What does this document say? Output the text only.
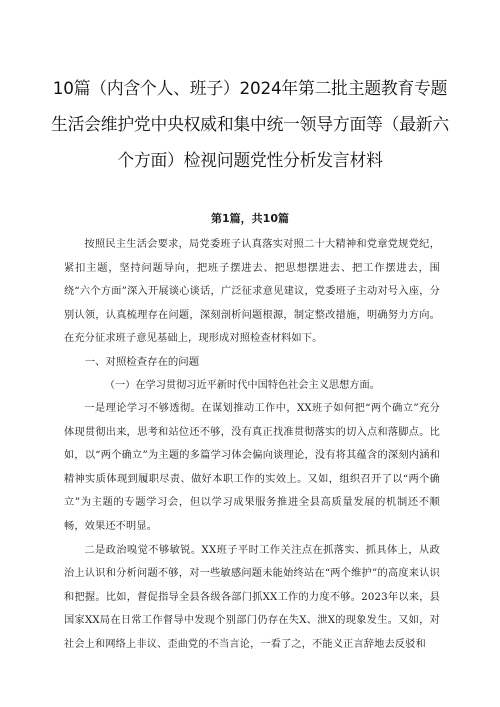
10篇（内含个人、班子）2024年第二批主题教育专题
生活会维护党中央权威和集中统一领导方面等（最新六
个方面）检视问题党性分析发言材料
第1篇，共10篇

按照民主生活会要求，局党委班子认真落实对照二十大精神和党章党规党纪，紧扣主题，坚持问题导向，把班子摆进去、把思想摆进去、把工作摆进去，围绕“六个方面”深入开展谈心谈话，广泛征求意见建议，党委班子主动对号入座，分别认领，认真梳理存在问题，深刻剖析问题根源，制定整改措施，明确努力方向。在充分征求班子意见基础上，现形成对照检查材料如下。

一、对照检查存在的问题

（一）在学习贯彻习近平新时代中国特色社会主义思想方面。

一是理论学习不够透彻。在谋划推动工作中，XX班子如何把“两个确立”充分体现贯彻出来，思考和站位还不够，没有真正找准贯彻落实的切入点和落脚点。比如，以“两个确立”为主题的多篇学习体会偏向谈理论，没有将其蕴含的深刻内涵和精神实质体现到履职尽责、做好本职工作的实效上。又如，组织召开了以“两个确立”为主题的专题学习会，但以学习成果服务推进全县高质量发展的机制还不顺畅，效果还不明显。

二是政治嗅觉不够敏锐。XX班子平时工作关注点在抓落实、抓具体上，从政治上认识和分析问题不够，对一些敏感问题未能始终站在“两个维护”的高度来认识和把握。比如，督促指导全县各级各部门抓XX工作的力度不够。2023年以来，县国家XX局在日常工作督导中发现个别部门仍存在失X、泄X的现象发生。又如，对社会上和网络上非议、歪曲党的不当言论，一看了之，不能义正言辞地去反驳和
